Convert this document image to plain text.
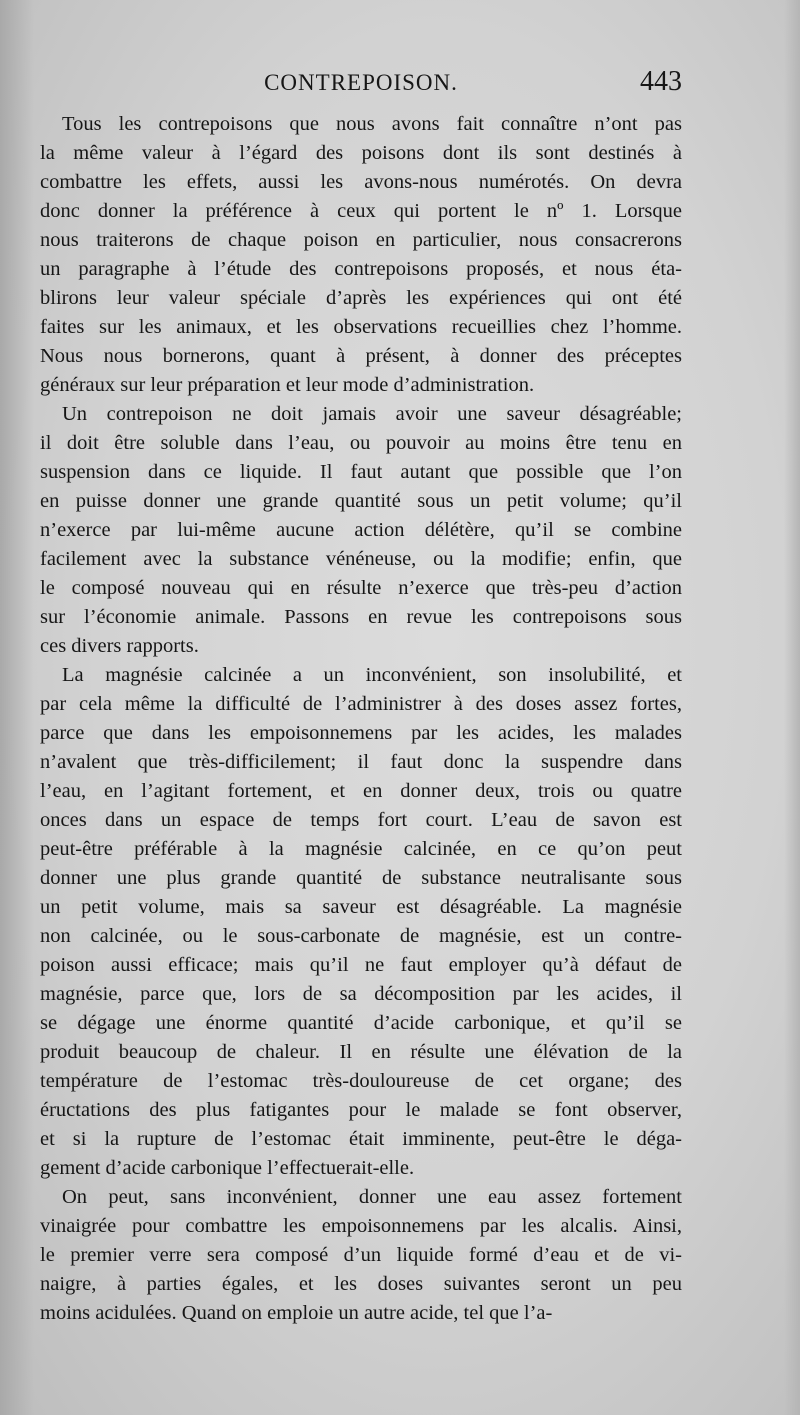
CONTREPOISON.	443
Tous les contrepoisons que nous avons fait connaître n’ont pas
la même valeur à l’égard des poisons dont ils sont destinés à
combattre les effets, aussi les avons-nous numérotés. On devra
donc donner la préférence à ceux qui portent le nº 1. Lorsque
nous traiterons de chaque poison en particulier, nous consacrerons
un paragraphe à l’étude des contrepoisons proposés, et nous éta-
blirons leur valeur spéciale d’après les expériences qui ont été
faites sur les animaux, et les observations recueillies chez l’homme.
Nous nous bornerons, quant à présent, à donner des préceptes
généraux sur leur préparation et leur mode d’administration.
Un contrepoison ne doit jamais avoir une saveur désagréable;
il doit être soluble dans l’eau, ou pouvoir au moins être tenu en
suspension dans ce liquide. Il faut autant que possible que l’on
en puisse donner une grande quantité sous un petit volume; qu’il
n’exerce par lui-même aucune action délétère, qu’il se combine
facilement avec la substance vénéneuse, ou la modifie; enfin, que
le composé nouveau qui en résulte n’exerce que très-peu d’action
sur l’économie animale. Passons en revue les contrepoisons sous
ces divers rapports.
La magnésie calcinée a un inconvénient, son insolubilité, et
par cela même la difficulté de l’administrer à des doses assez fortes,
parce que dans les empoisonnemens par les acides, les malades
n’avalent que très-difficilement; il faut donc la suspendre dans
l’eau, en l’agitant fortement, et en donner deux, trois ou quatre
onces dans un espace de temps fort court. L’eau de savon est
peut-être préférable à la magnésie calcinée, en ce qu’on peut
donner une plus grande quantité de substance neutralisante sous
un petit volume, mais sa saveur est désagréable. La magnésie
non calcinée, ou le sous-carbonate de magnésie, est un contre-
poison aussi efficace; mais qu’il ne faut employer qu’à défaut de
magnésie, parce que, lors de sa décomposition par les acides, il
se dégage une énorme quantité d’acide carbonique, et qu’il se
produit beaucoup de chaleur. Il en résulte une élévation de la
température de l’estomac très-douloureuse de cet organe; des
éructations des plus fatigantes pour le malade se font observer,
et si la rupture de l’estomac était imminente, peut-être le déga-
gement d’acide carbonique l’effectuerait-elle.
On peut, sans inconvénient, donner une eau assez fortement
vinaigrée pour combattre les empoisonnemens par les alcalis. Ainsi,
le premier verre sera composé d’un liquide formé d’eau et de vi-
naigre, à parties égales, et les doses suivantes seront un peu
moins acidulées. Quand on emploie un autre acide, tel que l’a-
